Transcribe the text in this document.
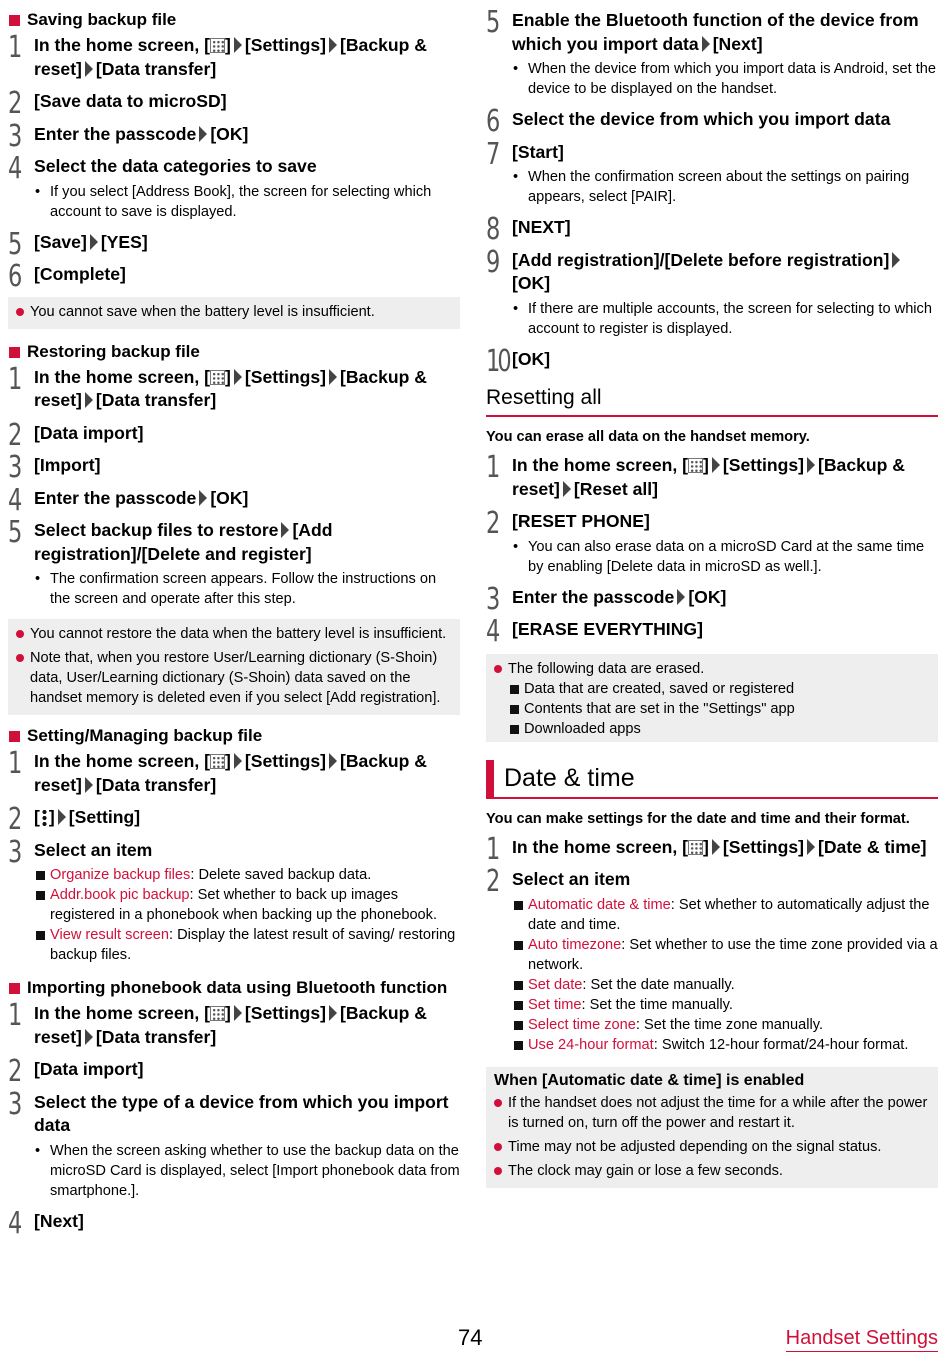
Saving backup file
1 In the home screen, [ ] [Settings] [Backup & reset] [Data transfer]
2 [Save data to microSD]
3 Enter the passcode [OK]
4 Select the data categories to save
• If you select [Address Book], the screen for selecting which account to save is displayed.
5 [Save] [YES]
6 [Complete]
You cannot save when the battery level is insufficient.
Restoring backup file
1 In the home screen, [ ] [Settings] [Backup & reset] [Data transfer]
2 [Data import]
3 [Import]
4 Enter the passcode [OK]
5 Select backup files to restore [Add registration]/[Delete and register]
• The confirmation screen appears. Follow the instructions on the screen and operate after this step.
You cannot restore the data when the battery level is insufficient.
Note that, when you restore User/Learning dictionary (S-Shoin) data, User/Learning dictionary (S-Shoin) data saved on the handset memory is deleted even if you select [Add registration].
Setting/Managing backup file
1 In the home screen, [ ] [Settings] [Backup & reset] [Data transfer]
2 [ ] [Setting]
3 Select an item
Organize backup files: Delete saved backup data.
Addr.book pic backup: Set whether to back up images registered in a phonebook when backing up the phonebook.
View result screen: Display the latest result of saving/ restoring backup files.
Importing phonebook data using Bluetooth function
1 In the home screen, [ ] [Settings] [Backup & reset] [Data transfer]
2 [Data import]
3 Select the type of a device from which you import data
• When the screen asking whether to use the backup data on the microSD Card is displayed, select [Import phonebook data from smartphone.].
4 [Next]
5 Enable the Bluetooth function of the device from which you import data [Next]
• When the device from which you import data is Android, set the device to be displayed on the handset.
6 Select the device from which you import data
7 [Start]
• When the confirmation screen about the settings on pairing appears, select [PAIR].
8 [NEXT]
9 [Add registration]/[Delete before registration][OK]
• If there are multiple accounts, the screen for selecting to which account to register is displayed.
10 [OK]
Resetting all
You can erase all data on the handset memory.
1 In the home screen, [ ] [Settings] [Backup & reset] [Reset all]
2 [RESET PHONE]
• You can also erase data on a microSD Card at the same time by enabling [Delete data in microSD as well.].
3 Enter the passcode [OK]
4 [ERASE EVERYTHING]
The following data are erased.
Data that are created, saved or registered
Contents that are set in the "Settings" app
Downloaded apps
Date & time
You can make settings for the date and time and their format.
1 In the home screen, [ ] [Settings] [Date & time]
2 Select an item
Automatic date & time: Set whether to automatically adjust the date and time.
Auto timezone: Set whether to use the time zone provided via a network.
Set date: Set the date manually.
Set time: Set the time manually.
Select time zone: Set the time zone manually.
Use 24-hour format: Switch 12-hour format/24-hour format.
When [Automatic date & time] is enabled
If the handset does not adjust the time for a while after the power is turned on, turn off the power and restart it.
Time may not be adjusted depending on the signal status.
The clock may gain or lose a few seconds.
74	Handset Settings
